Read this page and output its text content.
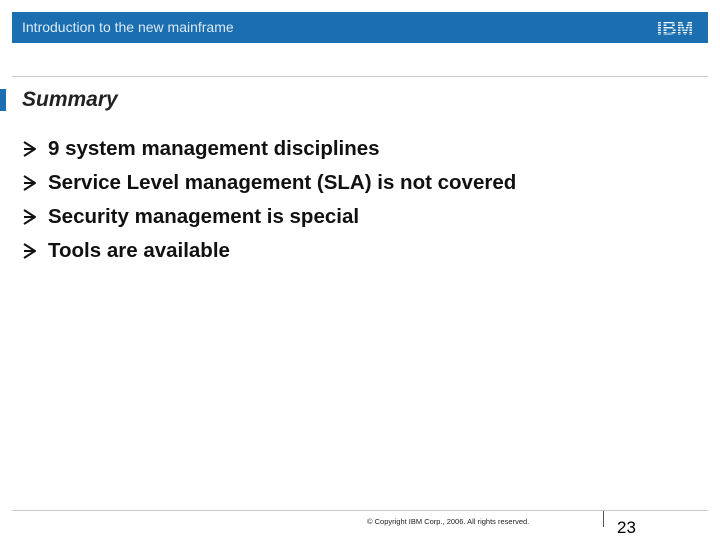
Introduction to the new mainframe	IBM
Summary
9 system management disciplines
Service Level management (SLA) is not covered
Security management is special
Tools are available
© Copyright IBM Corp., 2006. All rights reserved.	23
